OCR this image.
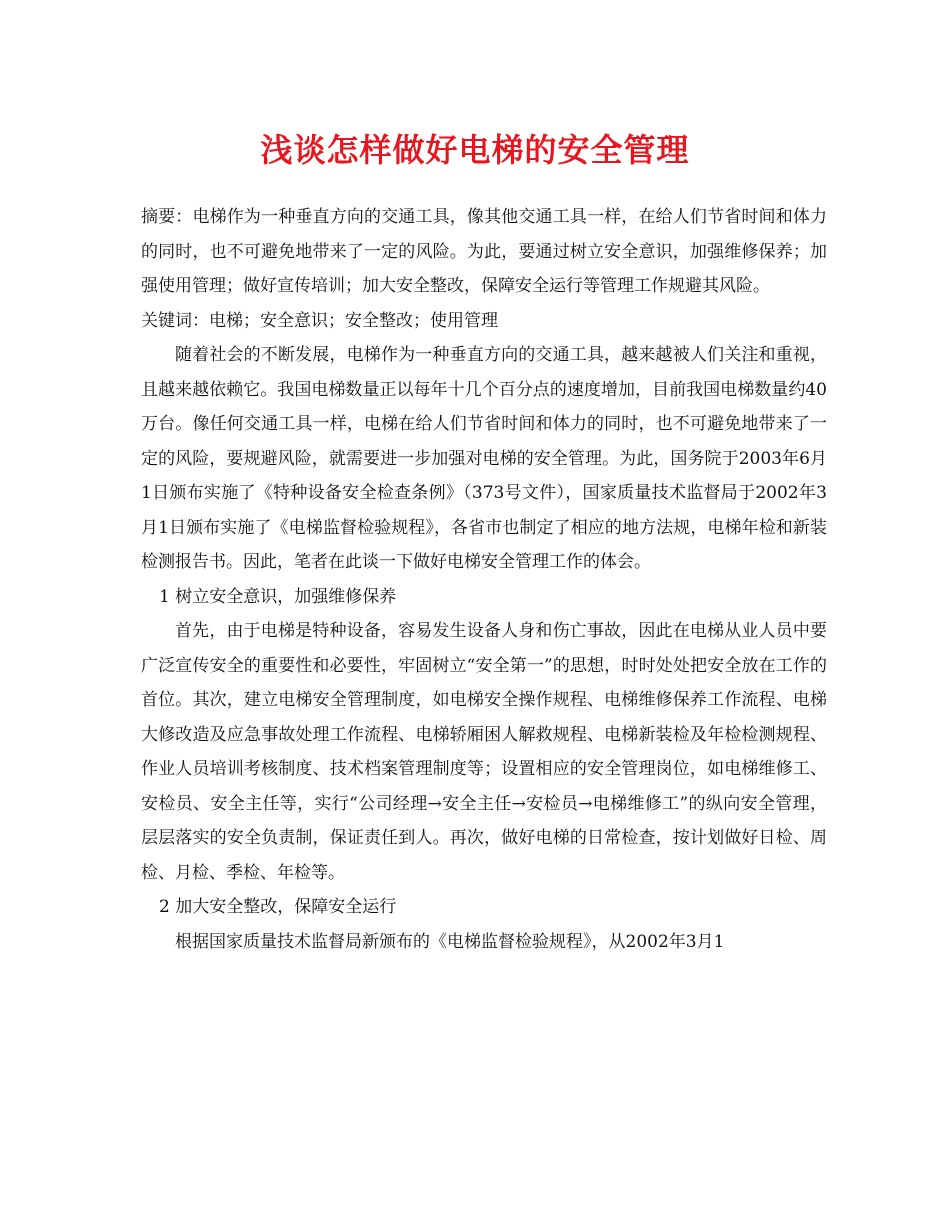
浅谈怎样做好电梯的安全管理

摘要：电梯作为一种垂直方向的交通工具，像其他交通工具一样，在给人们节省时间和体力的同时，也不可避免地带来了一定的风险。为此，要通过树立安全意识，加强维修保养；加强使用管理；做好宣传培训；加大安全整改，保障安全运行等管理工作规避其风险。

关键词：电梯；安全意识；安全整改；使用管理

随着社会的不断发展，电梯作为一种垂直方向的交通工具，越来越被人们关注和重视，且越来越依赖它。我国电梯数量正以每年十几个百分点的速度增加，目前我国电梯数量约40万台。像任何交通工具一样，电梯在给人们节省时间和体力的同时，也不可避免地带来了一定的风险，要规避风险，就需要进一步加强对电梯的安全管理。为此，国务院于2003年6月1日颁布实施了《特种设备安全检查条例》（373号文件），国家质量技术监督局于2002年3月1日颁布实施了《电梯监督检验规程》，各省市也制定了相应的地方法规，电梯年检和新装检测报告书。因此，笔者在此谈一下做好电梯安全管理工作的体会。

1 树立安全意识，加强维修保养

首先，由于电梯是特种设备，容易发生设备人身和伤亡事故，因此在电梯从业人员中要广泛宣传安全的重要性和必要性，牢固树立“安全第一”的思想，时时处处把安全放在工作的首位。其次，建立电梯安全管理制度，如电梯安全操作规程、电梯维修保养工作流程、电梯大修改造及应急事故处理工作流程、电梯轿厢困人解救规程、电梯新装检及年检检测规程、作业人员培训考核制度、技术档案管理制度等；设置相应的安全管理岗位，如电梯维修工、安检员、安全主任等，实行“公司经理→安全主任→安检员→电梯维修工”的纵向安全管理，层层落实的安全负责制，保证责任到人。再次，做好电梯的日常检查，按计划做好日检、周检、月检、季检、年检等。

2 加大安全整改，保障安全运行

根据国家质量技术监督局新颁布的《电梯监督检验规程》，从2002年3月1
